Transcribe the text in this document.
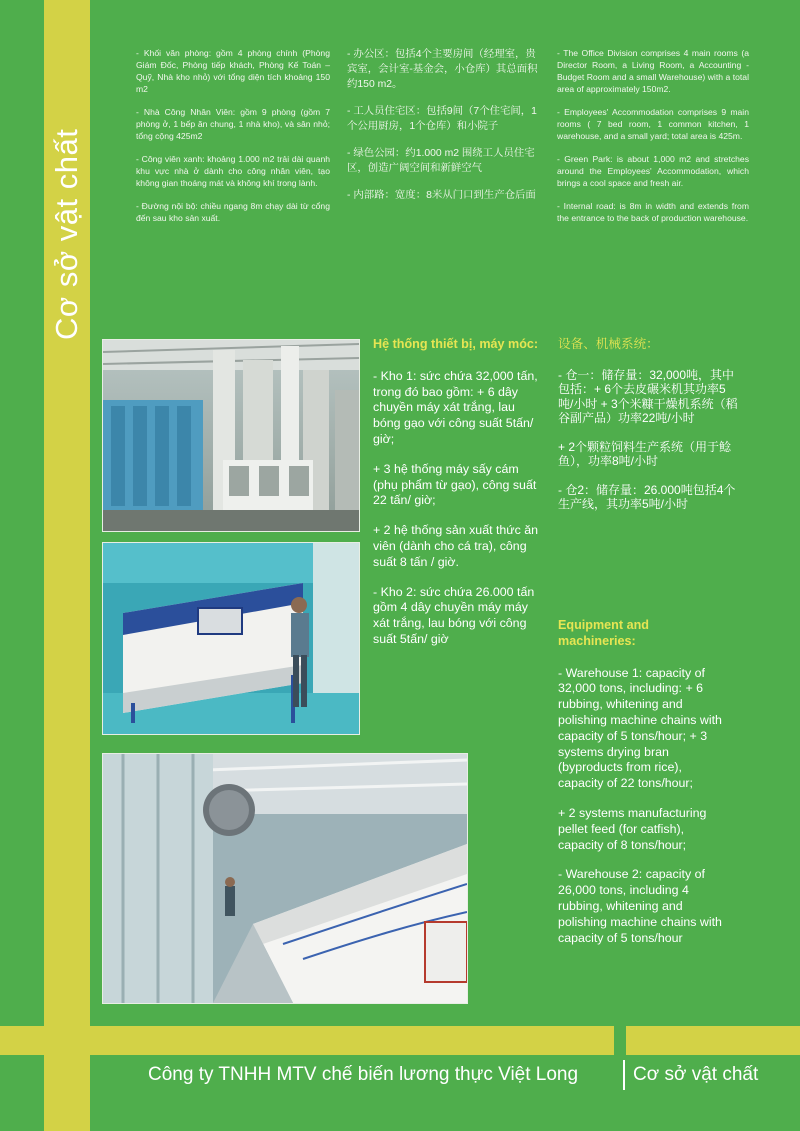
Cơ sở vật chất

- Khối văn phòng: gồm 4 phòng chính (Phòng Giám Đốc, Phòng tiếp khách, Phòng Kế Toán – Quỹ, Nhà kho nhỏ) với tổng diện tích khoảng 150 m2

- Nhà Công Nhân Viên: gồm 9 phòng (gồm 7 phòng ở, 1 bếp ăn chung, 1 nhà kho), và sân nhỏ; tổng cộng 425m2

- Công viên xanh: khoảng 1.000 m2 trải dài quanh khu vực nhà ở dành cho công nhân viên, tạo không gian thoáng mát và không khí trong lành.

- Đường nội bộ: chiều ngang 8m chạy dài từ cổng đến sau kho sản xuất.

- 办公区：包括4个主要房间（经理室，贵宾室，会计室-基金会，小仓库）其总面积约150 m2。

- 工人员住宅区：包括9间（7个住宅间，1个公用厨房，1个仓库）和小院子

- 绿色公园：约1.000 m2 围绕工人员住宅区，创造广阔空间和新鲜空气

- 内部路：宽度：8米从门口到生产仓后面

- The Office Division comprises 4 main rooms (a Director Room, a Living Room, a Accounting - Budget Room and a small Warehouse) with a total area of approximately 150m2.

- Employees' Accommodation comprises 9 main rooms ( 7 bed room, 1 common kitchen, 1 warehouse, and a small yard; total area is 425m.

- Green Park: is about 1,000 m2 and stretches around the Employees' Accommodation, which brings a cool space and fresh air.

- Internal road: is 8m in width and extends from the entrance to the back of production warehouse.

Hệ thống thiết bị, máy móc:

- Kho 1: sức chứa 32,000 tấn, trong đó bao gồm: + 6 dây chuyền máy xát trắng, lau bóng gạo với công suất 5tấn/ giờ;

+ 3 hệ thống máy sấy cám (phụ phẩm từ gạo), công suất 22 tấn/ giờ;

+ 2 hệ thống sản xuất thức ăn viên (dành cho cá tra), công suất 8 tấn / giờ.

- Kho 2: sức chứa 26.000 tấn gồm 4 dây chuyền máy máy xát trắng, lau bóng với công suất 5tấn/ giờ

设备、机械系统：

- 仓一：储存量：32,000吨，其中包括：+ 6个去皮碾米机其功率5吨/小时 + 3个米糠干燥机系统（稻谷副产品）功率22吨/小时

+ 2个颗粒饲料生产系统（用于鲶鱼），功率8吨/小时

- 仓2：储存量：26.000吨包括4个生产线，其功率5吨/小时

Equipment and machineries:

- Warehouse 1: capacity of 32,000 tons, including: + 6 rubbing, whitening and polishing machine chains with capacity of 5 tons/hour; + 3 systems drying bran (byproducts from rice), capacity of 22 tons/hour;

+ 2 systems manufacturing pellet feed (for catfish), capacity of 8 tons/hour;

- Warehouse 2: capacity of 26,000 tons, including 4 rubbing, whitening and polishing machine chains with capacity of 5 tons/hour

Công ty TNHH MTV chế biến lương thực Việt Long	Cơ sở vật chất
